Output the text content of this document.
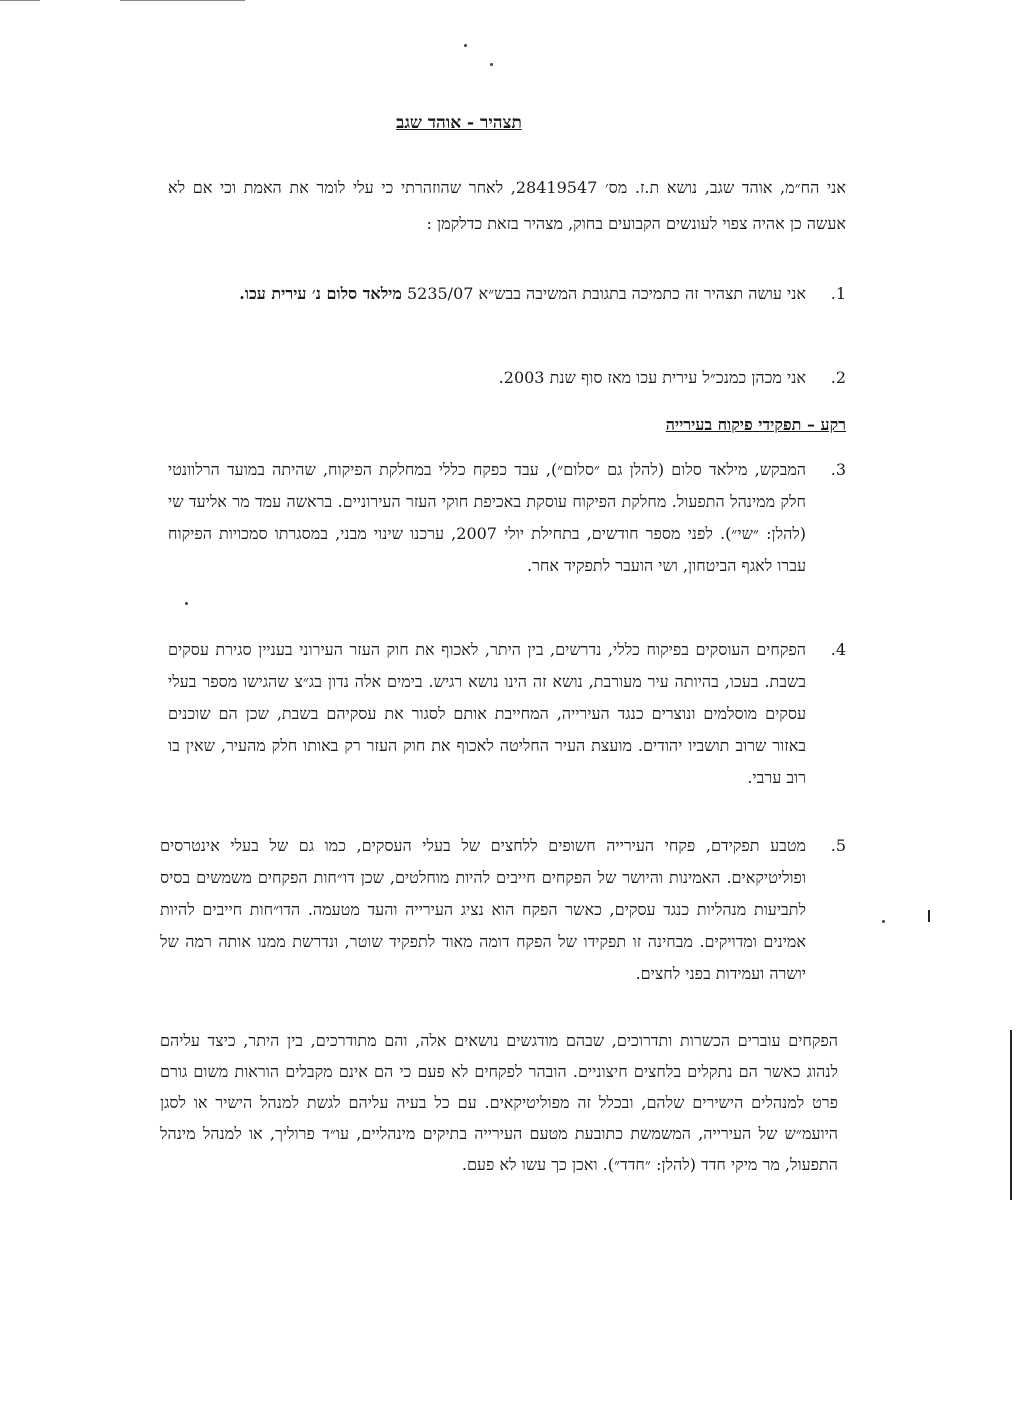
תצהיר - אוהד שגב
אני הח״מ, אוהד שגב, נושא ת.ז. מס׳ 28419547, לאחר שהוזהרתי כי עלי לומר את האמת וכי אם לא אעשה כן אהיה צפוי לעונשים הקבועים בחוק, מצהיר בזאת כדלקמן :
1.
אני עושה תצהיר זה כתמיכה בתגובת המשיבה בבש״א 5235/07 מילאד סלום נ׳ עירית עכו.
2.
אני מכהן כמנכ״ל עירית עכו מאז סוף שנת 2003.
רקע – תפקידי פיקוח בעירייה
3.
המבקש, מילאד סלום (להלן גם ״סלום״), עבד כפקח כללי במחלקת הפיקוח, שהיתה במועד הרלוונטי חלק ממינהל התפעול. מחלקת הפיקוח עוסקת באכיפת חוקי העזר העירוניים. בראשה עמד מר אליעד שי (להלן: ״שי״). לפני מספר חודשים, בתחילת יולי 2007, ערכנו שינוי מבני, במסגרתו סמכויות הפיקוח עברו לאגף הביטחון, ושי הועבר לתפקיד אחר.
4.
הפקחים העוסקים בפיקוח כללי, נדרשים, בין היתר, לאכוף את חוק העזר העירוני בעניין סגירת עסקים בשבת. בעכו, בהיותה עיר מעורבת, נושא זה הינו נושא רגיש. בימים אלה נדון בג״צ שהגישו מספר בעלי עסקים מוסלמים ונוצרים כנגד העירייה, המחייבת אותם לסגור את עסקיהם בשבת, שכן הם שוכנים באזור שרוב תושביו יהודים. מועצת העיר החליטה לאכוף את חוק העזר רק באותו חלק מהעיר, שאין בו רוב ערבי.
5.
מטבע תפקידם, פקחי העירייה חשופים ללחצים של בעלי העסקים, כמו גם של בעלי אינטרסים ופוליטיקאים. האמינות והיושר של הפקחים חייבים להיות מוחלטים, שכן דו״חות הפקחים משמשים בסיס לתביעות מנהליות כנגד עסקים, כאשר הפקח הוא נציג העירייה והעד מטעמה. הדו״חות חייבים להיות אמינים ומדויקים. מבחינה זו תפקידו של הפקח דומה מאוד לתפקיד שוטר, ונדרשת ממנו אותה רמה של יושרה ועמידות בפני לחצים.
הפקחים עוברים הכשרות ותדרוכים, שבהם מודגשים נושאים אלה, והם מתודרכים, בין היתר, כיצד עליהם לנהוג כאשר הם נתקלים בלחצים חיצוניים. הובהר לפקחים לא פעם כי הם אינם מקבלים הוראות משום גורם פרט למנהלים הישירים שלהם, ובכלל זה מפוליטיקאים. עם כל בעיה עליהם לגשת למנהל הישיר או לסגן היועמ״ש של העירייה, המשמשת כתובעת מטעם העירייה בתיקים מינהליים, עו״ד פרוליך, או למנהל מינהל התפעול, מר מיקי חדד (להלן: ״חדד״). ואכן כך עשו לא פעם.
